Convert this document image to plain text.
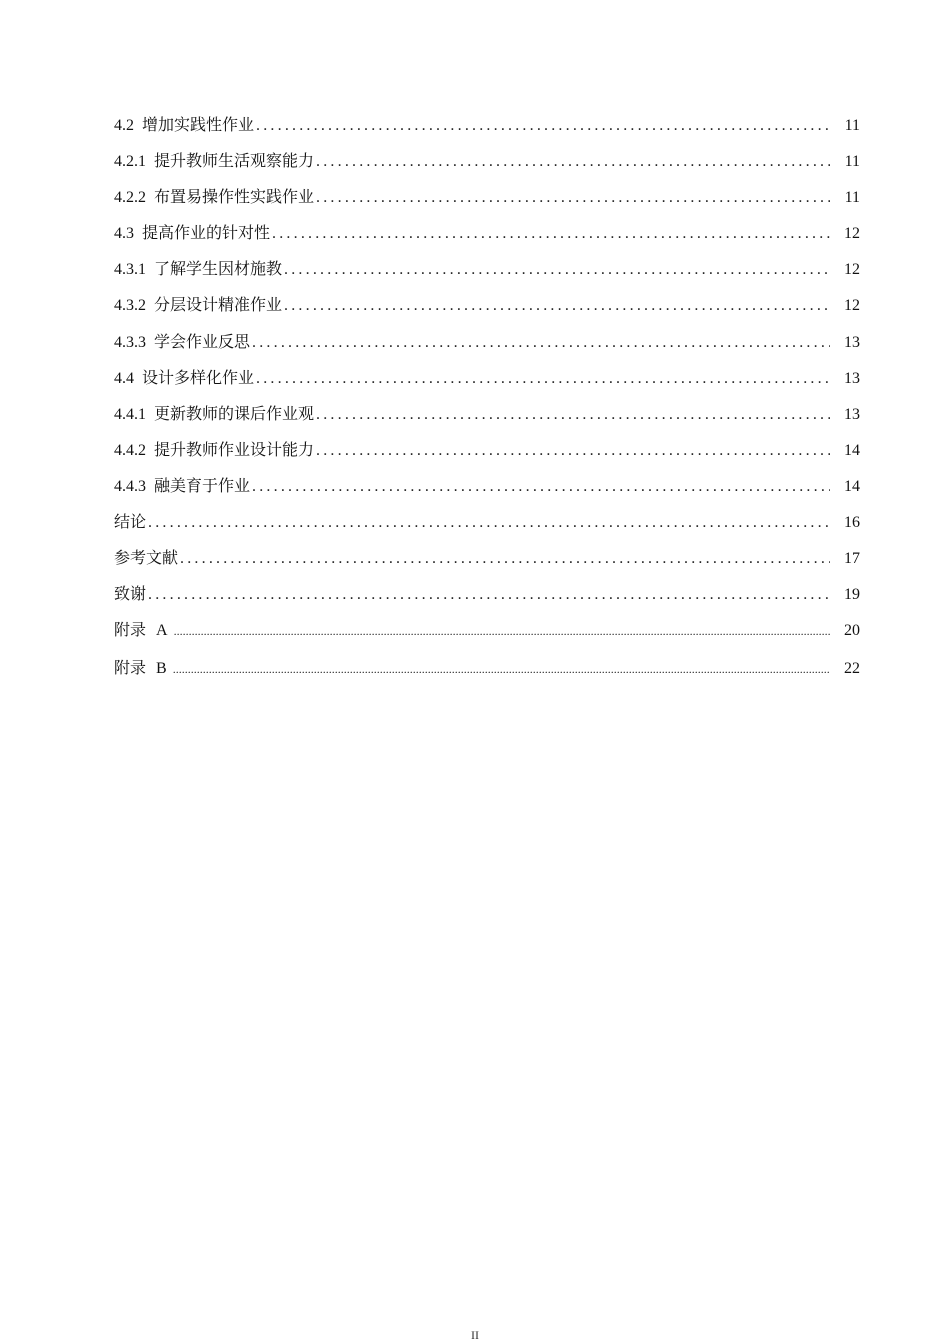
4.2 增加实践性作业 .....	11
4.2.1 提升教师生活观察能力 .....	11
4.2.2 布置易操作性实践作业 .....	11
4.3 提高作业的针对性 .....	12
4.3.1 了解学生因材施教 .....	12
4.3.2 分层设计精准作业 .....	12
4.3.3 学会作业反思 .....	13
4.4 设计多样化作业 .....	13
4.4.1 更新教师的课后作业观 .....	13
4.4.2 提升教师作业设计能力 .....	14
4.4.3 融美育于作业 .....	14
结论 .....	16
参考文献 .....	17
致谢 .....	19
附录 A .....	20
附录 B .....	22
II
